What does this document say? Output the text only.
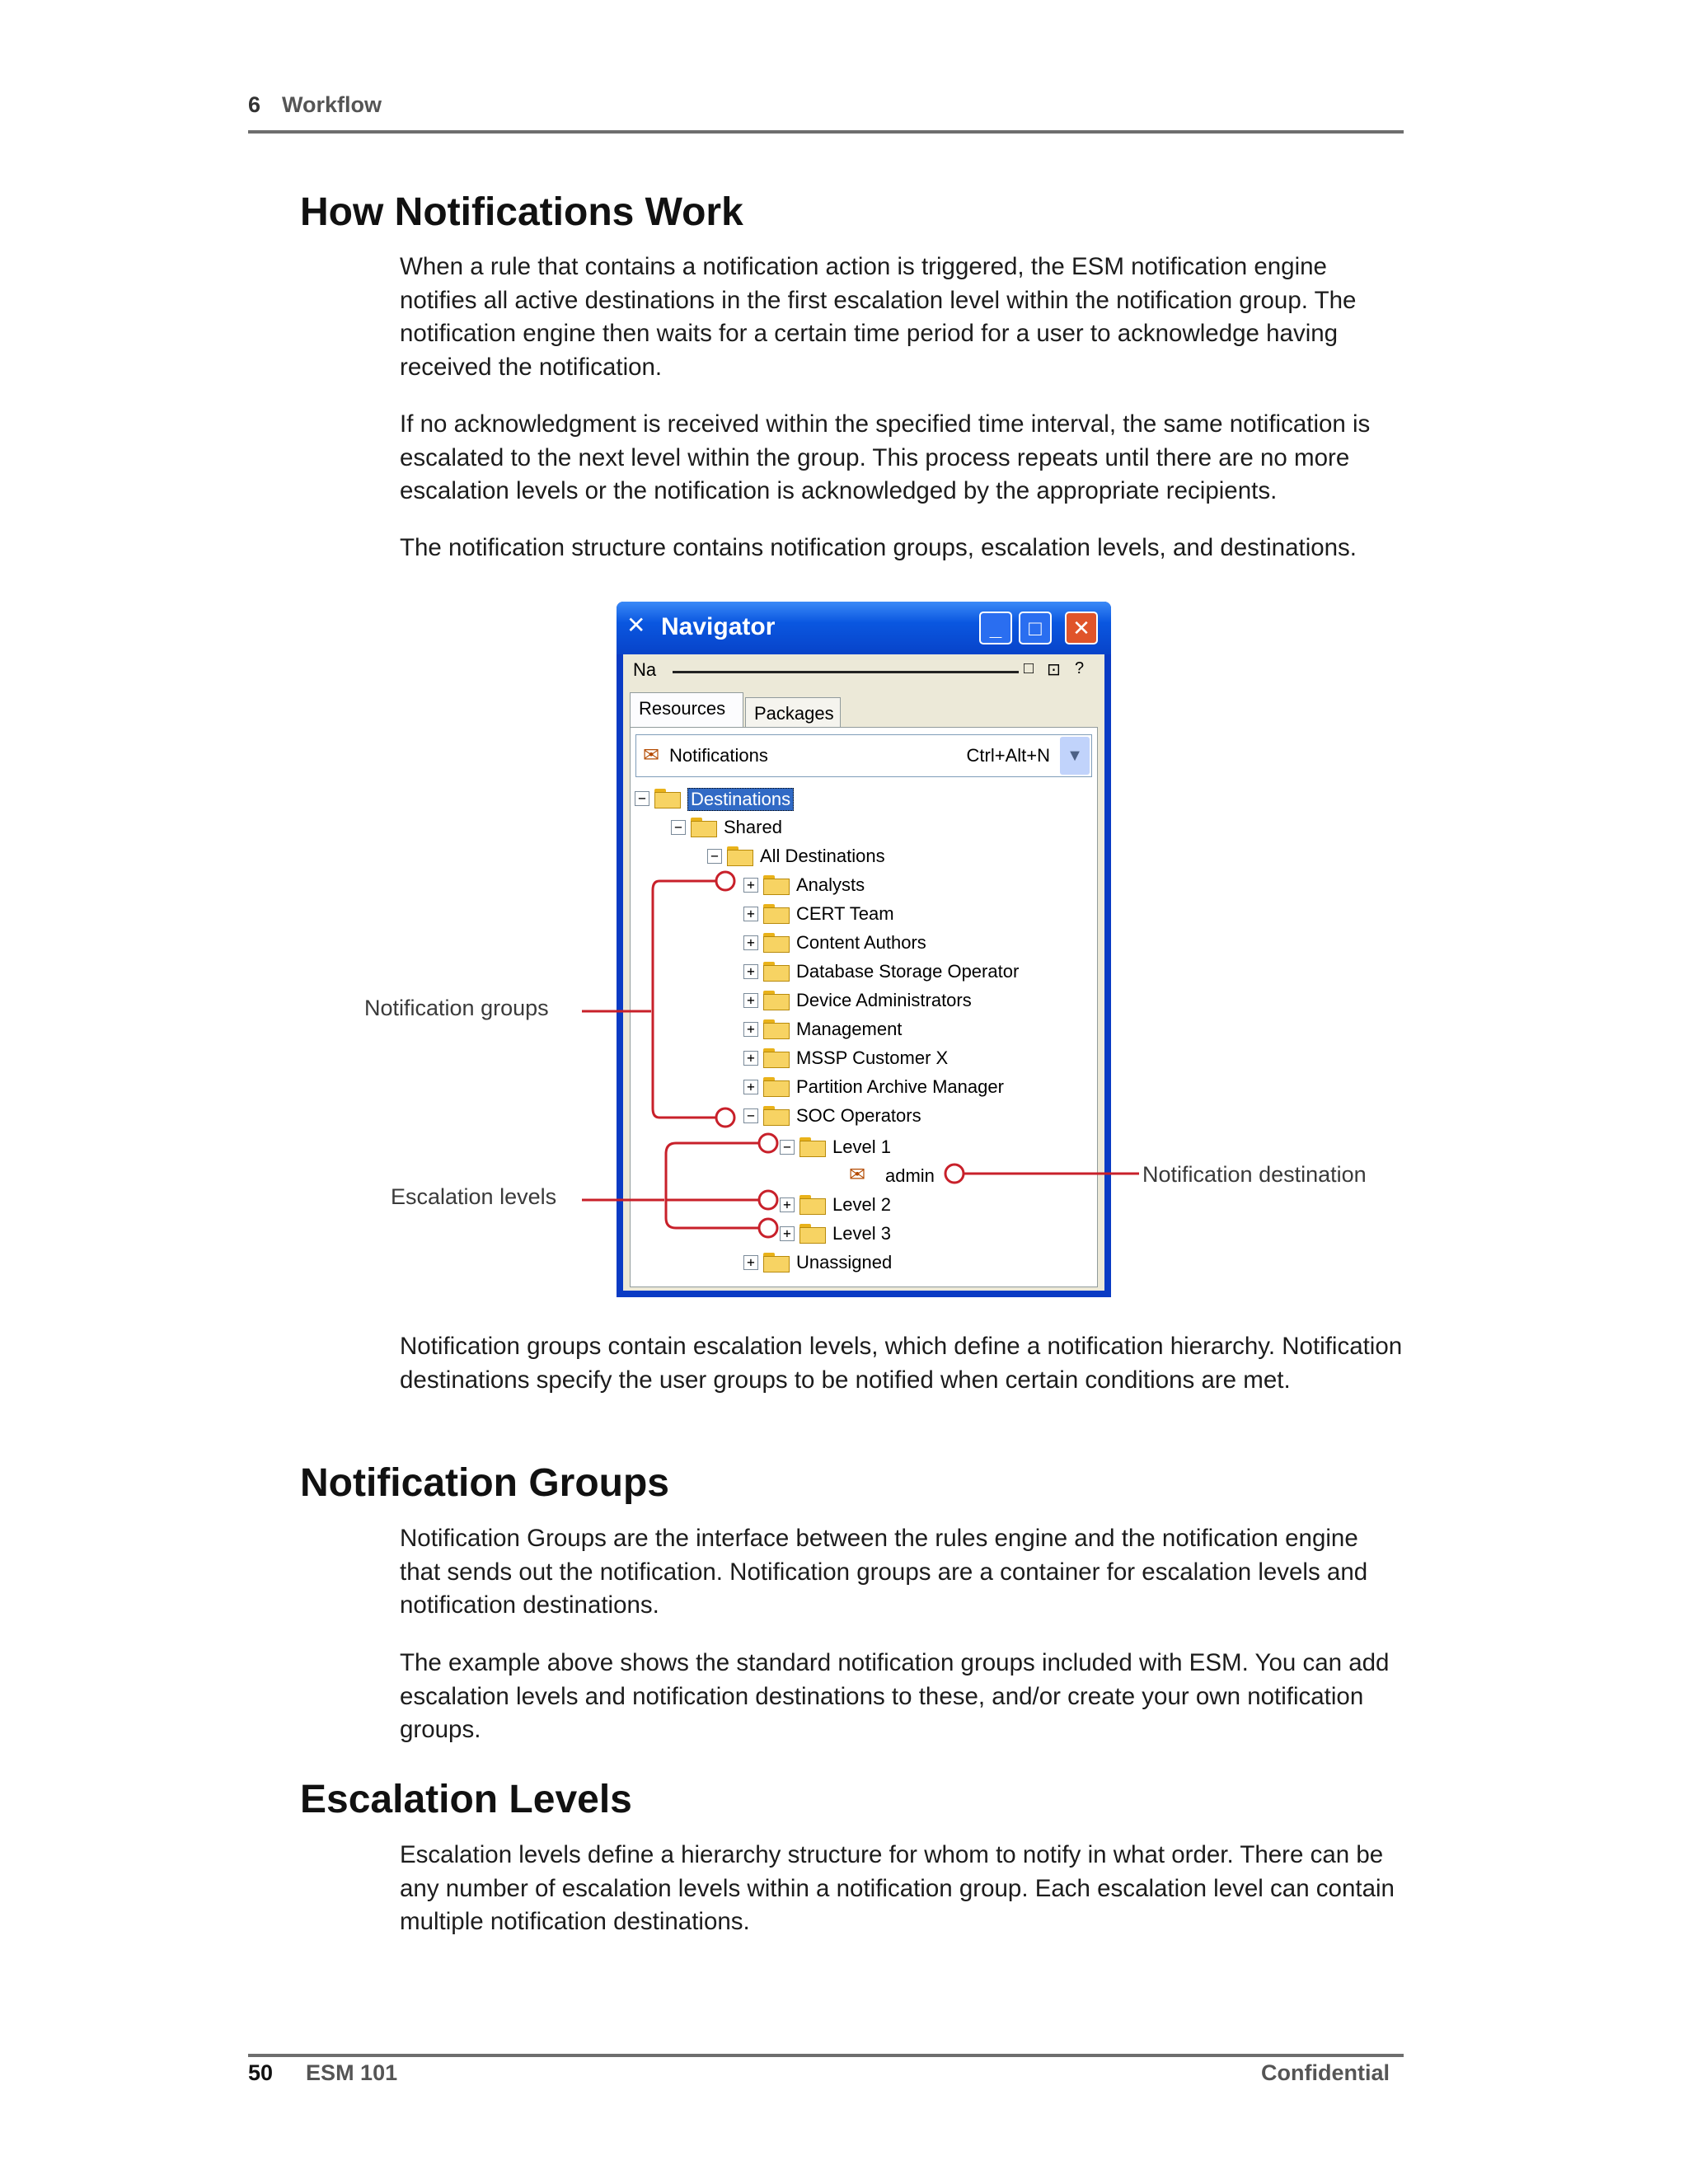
6 Workflow
How Notifications Work

When a rule that contains a notification action is triggered, the ESM notification engine notifies all active destinations in the first escalation level within the notification group. The notification engine then waits for a certain time period for a user to acknowledge having received the notification.

If no acknowledgment is received within the specified time interval, the same notification is escalated to the next level within the group. This process repeats until there are no more escalation levels or the notification is acknowledged by the appropriate recipients.

The notification structure contains notification groups, escalation levels, and destinations.

✕ Navigator	_	□	✕
Na	□ ⊡ ?
Resources	Packages
✉ Notifications	Ctrl+Alt+N	▼
− Destinations
− Shared
− All Destinations
+ Analysts
+ CERT Team
+ Content Authors
+ Database Storage Operator
+ Device Administrators
+ Management
+ MSSP Customer X
+ Partition Archive Manager
− SOC Operators
− Level 1
✉ admin
+ Level 2
+ Level 3
+ Unassigned
Notification groups
Escalation levels
Notification destination

Notification groups contain escalation levels, which define a notification hierarchy. Notification destinations specify the user groups to be notified when certain conditions are met.

Notification Groups

Notification Groups are the interface between the rules engine and the notification engine that sends out the notification. Notification groups are a container for escalation levels and notification destinations.

The example above shows the standard notification groups included with ESM. You can add escalation levels and notification destinations to these, and/or create your own notification groups.

Escalation Levels

Escalation levels define a hierarchy structure for whom to notify in what order. There can be any number of escalation levels within a notification group. Each escalation level can contain multiple notification destinations.

50 ESM 101	Confidential
